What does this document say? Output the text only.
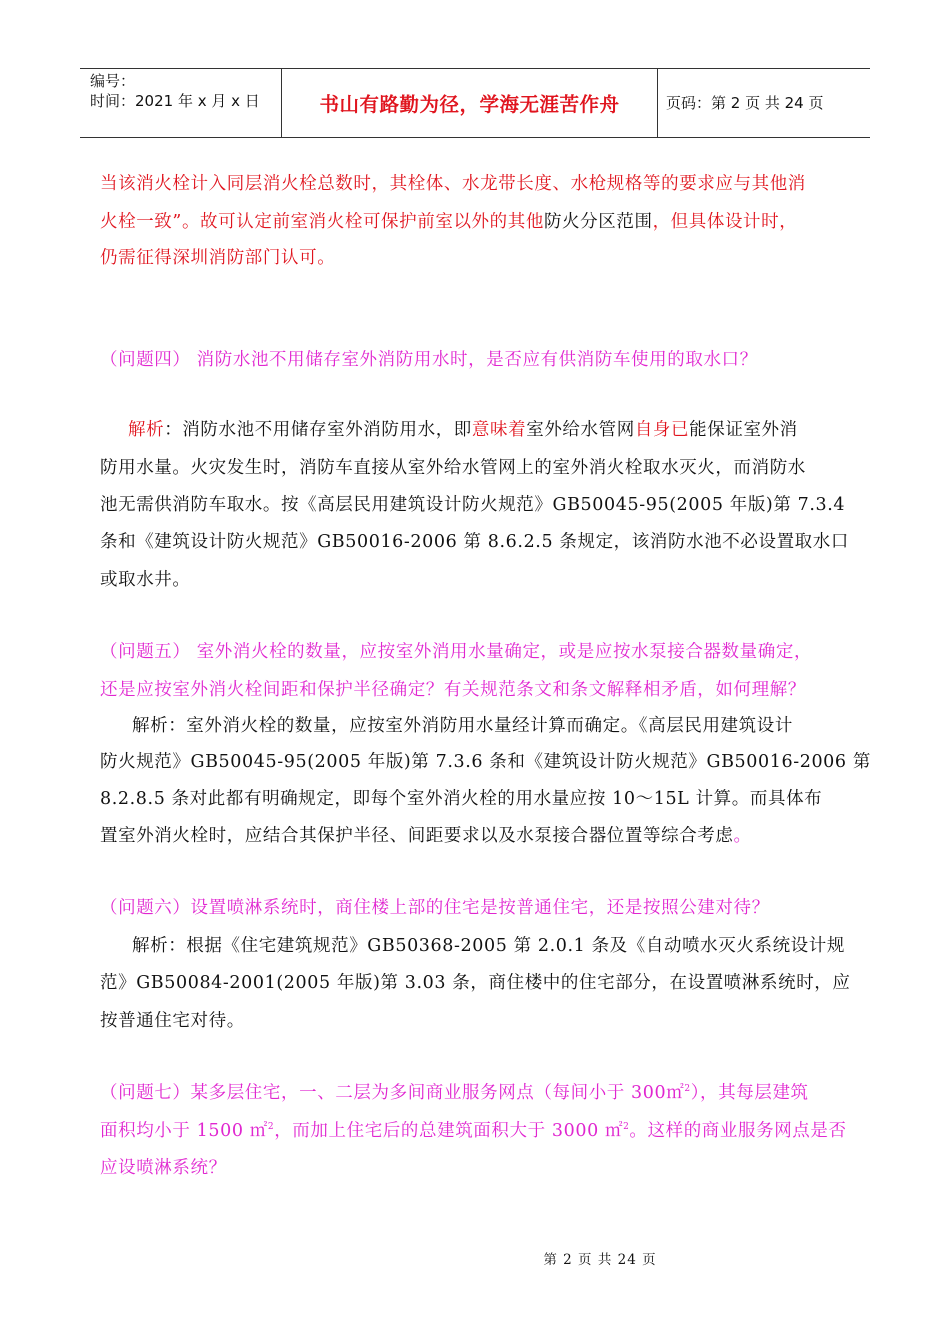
编号：
时间：2021 年 x 月 x 日	书山有路勤为径，学海无涯苦作舟	页码：第 2 页 共 24 页
当该消火栓计入同层消火栓总数时，其栓体、水龙带长度、水枪规格等的要求应与其他消
火栓一致”。故可认定前室消火栓可保护前室以外的其他防火分区范围，但具体设计时，
仍需征得深圳消防部门认可。
（问题四） 消防水池不用储存室外消防用水时，是否应有供消防车使用的取水口？
解析：消防水池不用储存室外消防用水，即意味着室外给水管网自身已能保证室外消
防用水量。火灾发生时，消防车直接从室外给水管网上的室外消火栓取水灭火，而消防水
池无需供消防车取水。按《高层民用建筑设计防火规范》GB50045-95(2005 年版)第 7.3.4
条和《建筑设计防火规范》GB50016-2006 第 8.6.2.5 条规定，该消防水池不必设置取水口
或取水井。
（问题五） 室外消火栓的数量，应按室外消用水量确定，或是应按水泵接合器数量确定，
还是应按室外消火栓间距和保护半径确定？有关规范条文和条文解释相矛盾，如何理解？
解析：室外消火栓的数量，应按室外消防用水量经计算而确定。《高层民用建筑设计
防火规范》GB50045-95(2005 年版)第 7.3.6 条和《建筑设计防火规范》GB50016-2006 第
8.2.8.5 条对此都有明确规定，即每个室外消火栓的用水量应按 10～15L 计算。而具体布
置室外消火栓时，应结合其保护半径、间距要求以及水泵接合器位置等综合考虑。
（问题六）设置喷淋系统时，商住楼上部的住宅是按普通住宅，还是按照公建对待？
解析：根据《住宅建筑规范》GB50368-2005 第 2.0.1 条及《自动喷水灭火系统设计规
范》GB50084-2001(2005 年版)第 3.03 条，商住楼中的住宅部分，在设置喷淋系统时，应
按普通住宅对待。
（问题七）某多层住宅，一、二层为多间商业服务网点（每间小于 300㎡$^2$），其每层建筑
面积均小于 1500 ㎡$^2$，而加上住宅后的总建筑面积大于 3000 ㎡$^2$。这样的商业服务网点是否
应设喷淋系统？
第 2 页 共 24 页
